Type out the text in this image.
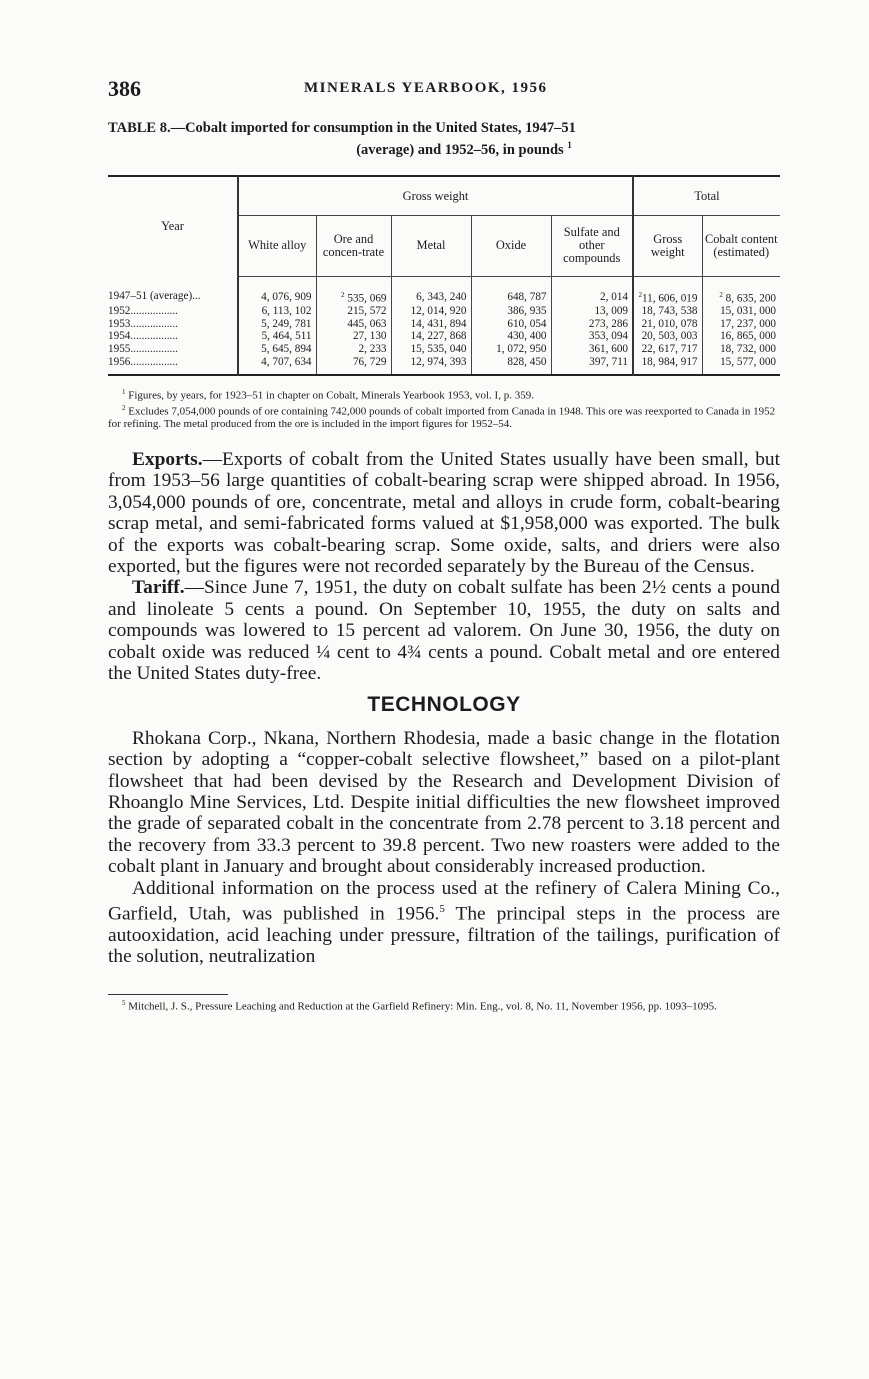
386	MINERALS YEARBOOK, 1956
TABLE 8.—Cobalt imported for consumption in the United States, 1947–51
(average) and 1952–56, in pounds $^1$
Year	Gross weight					Total	
	White alloy	Ore and concen-trate	Metal	Oxide	Sulfate and other compounds	Gross weight	Cobalt content (estimated)
1947–51 (average)...	4, 076, 909	$^2$ 535, 069	6, 343, 240	648, 787	2, 014	$^2$11, 606, 019	$^2$ 8, 635, 200
1952.................	6, 113, 102	215, 572	12, 014, 920	386, 935	13, 009	18, 743, 538	15, 031, 000
1953.................	5, 249, 781	445, 063	14, 431, 894	610, 054	273, 286	21, 010, 078	17, 237, 000
1954.................	5, 464, 511	27, 130	14, 227, 868	430, 400	353, 094	20, 503, 003	16, 865, 000
1955.................	5, 645, 894	2, 233	15, 535, 040	1, 072, 950	361, 600	22, 617, 717	18, 732, 000
1956.................	4, 707, 634	76, 729	12, 974, 393	828, 450	397, 711	18, 984, 917	15, 577, 000

$^1$ Figures, by years, for 1923–51 in chapter on Cobalt, Minerals Yearbook 1953, vol. I, p. 359.

$^2$ Excludes 7,054,000 pounds of ore containing 742,000 pounds of cobalt imported from Canada in 1948. This ore was reexported to Canada in 1952 for refining. The metal produced from the ore is included in the import figures for 1952–54.

Exports.—Exports of cobalt from the United States usually have been small, but from 1953–56 large quantities of cobalt-bearing scrap were shipped abroad. In 1956, 3,054,000 pounds of ore, concentrate, metal and alloys in crude form, cobalt-bearing scrap metal, and semi-fabricated forms valued at $1,958,000 was exported. The bulk of the exports was cobalt-bearing scrap. Some oxide, salts, and driers were also exported, but the figures were not recorded separately by the Bureau of the Census.

Tariff.—Since June 7, 1951, the duty on cobalt sulfate has been 2½ cents a pound and linoleate 5 cents a pound. On September 10, 1955, the duty on salts and compounds was lowered to 15 percent ad valorem. On June 30, 1956, the duty on cobalt oxide was reduced ¼ cent to 4¾ cents a pound. Cobalt metal and ore entered the United States duty-free.

TECHNOLOGY

Rhokana Corp., Nkana, Northern Rhodesia, made a basic change in the flotation section by adopting a “copper-cobalt selective flowsheet,” based on a pilot-plant flowsheet that had been devised by the Research and Development Division of Rhoanglo Mine Services, Ltd. Despite initial difficulties the new flowsheet improved the grade of separated cobalt in the concentrate from 2.78 percent to 3.18 percent and the recovery from 33.3 percent to 39.8 percent. Two new roasters were added to the cobalt plant in January and brought about considerably increased production.

Additional information on the process used at the refinery of Calera Mining Co., Garfield, Utah, was published in 1956.$^5$ The principal steps in the process are autooxidation, acid leaching under pressure, filtration of the tailings, purification of the solution, neutralization

$^5$ Mitchell, J. S., Pressure Leaching and Reduction at the Garfield Refinery: Min. Eng., vol. 8, No. 11, November 1956, pp. 1093–1095.
